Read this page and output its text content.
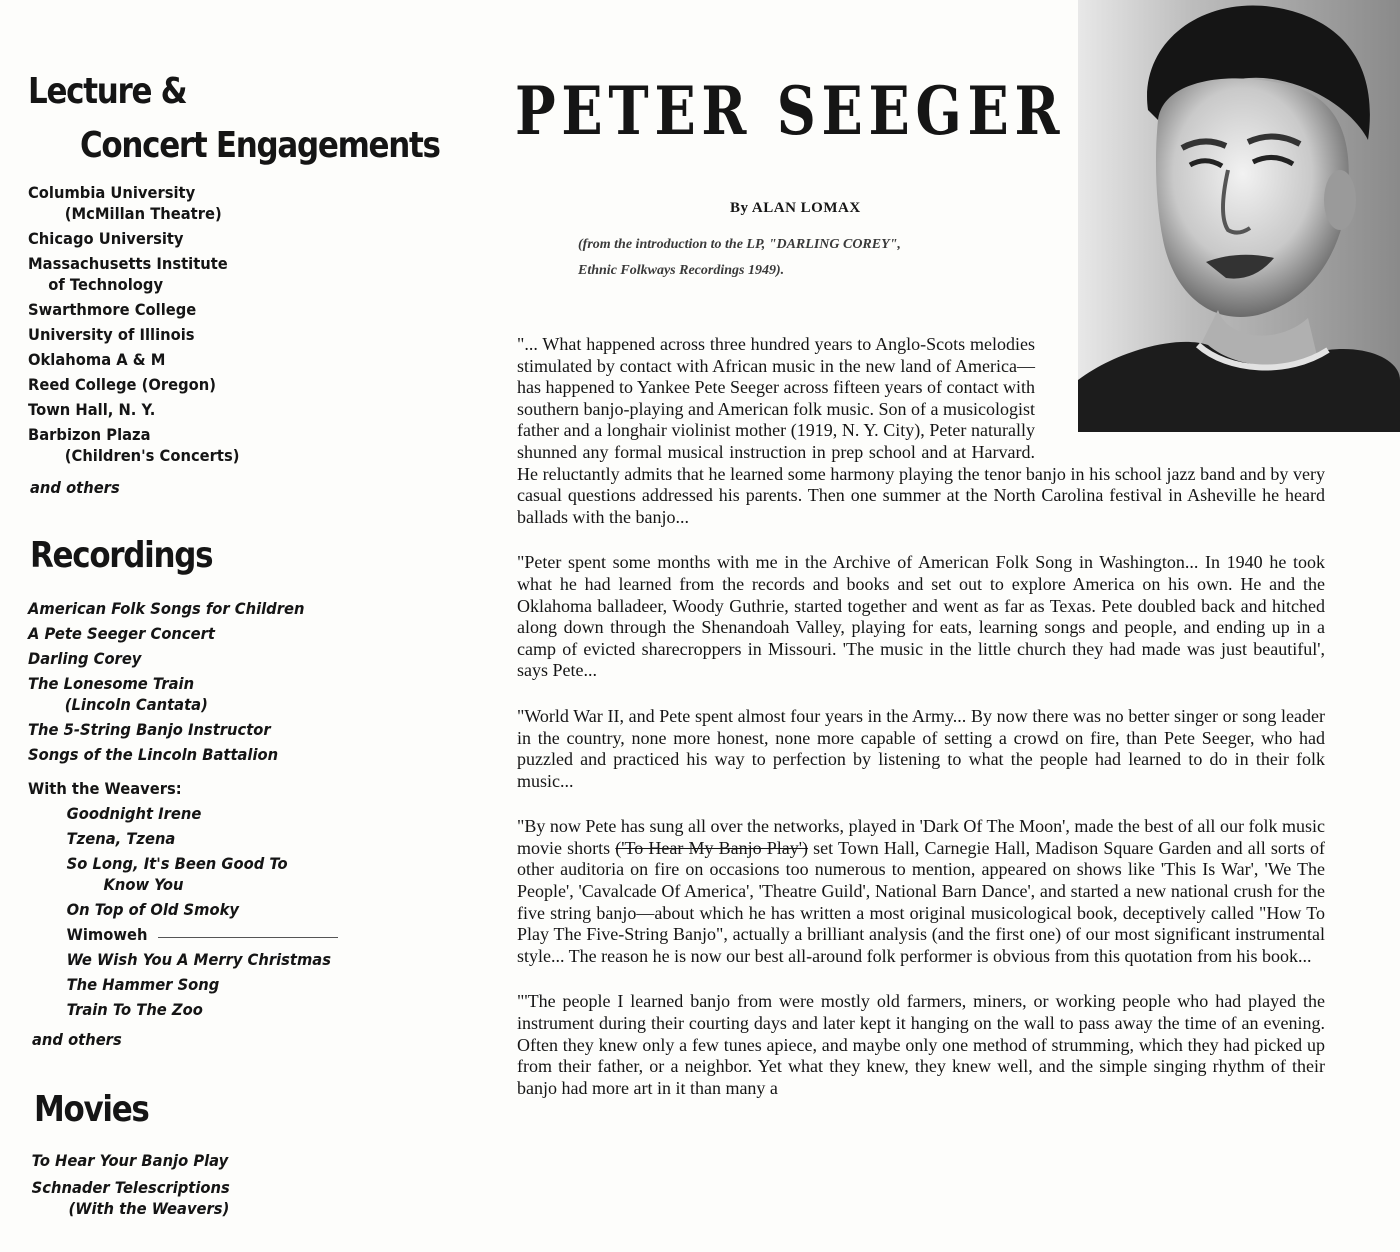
Lecture &
Concert Engagements
Columbia University
(McMillan Theatre)
Chicago University
Massachusetts Institute
of Technology
Swarthmore College
University of Illinois
Oklahoma A & M
Reed College (Oregon)
Town Hall, N. Y.
Barbizon Plaza
(Children's Concerts)
and others
Recordings
American Folk Songs for Children
A Pete Seeger Concert
Darling Corey
The Lonesome Train
(Lincoln Cantata)
The 5-String Banjo Instructor
Songs of the Lincoln Battalion
With the Weavers:
Goodnight Irene
Tzena, Tzena
So Long, It's Been Good To
Know You
On Top of Old Smoky
Wimoweh
We Wish You A Merry Christmas
The Hammer Song
Train To The Zoo
and others
Movies
To Hear Your Banjo Play
Schnader Telescriptions
(With the Weavers)
PETER SEEGER
By ALAN LOMAX
(from the introduction to the LP, "DARLING COREY",
Ethnic Folkways Recordings 1949).

"... What happened across three hundred years to Anglo-Scots melodies stimulated by contact with African music in the new land of America—has happened to Yankee Pete Seeger across fifteen years of contact with southern banjo-playing and American folk music. Son of a musicologist father and a longhair violinist mother (1919, N. Y. City), Peter naturally shunned any formal musical instruction in prep school and at Harvard. He reluctantly admits that he learned some harmony playing the tenor banjo in his school jazz band and by very casual questions addressed his parents. Then one summer at the North Carolina festival in Asheville he heard ballads with the banjo...

"Peter spent some months with me in the Archive of American Folk Song in Washington... In 1940 he took what he had learned from the records and books and set out to explore America on his own. He and the Oklahoma balladeer, Woody Guthrie, started together and went as far as Texas. Pete doubled back and hitched along down through the Shenandoah Valley, playing for eats, learning songs and people, and ending up in a camp of evicted sharecroppers in Missouri. 'The music in the little church they had made was just beautiful', says Pete...

"World War II, and Pete spent almost four years in the Army... By now there was no better singer or song leader in the country, none more honest, none more capable of setting a crowd on fire, than Pete Seeger, who had puzzled and practiced his way to perfection by listening to what the people had learned to do in their folk music...

"By now Pete has sung all over the networks, played in 'Dark Of The Moon', made the best of all our folk music movie shorts ('To Hear My Banjo Play') set Town Hall, Carnegie Hall, Madison Square Garden and all sorts of other auditoria on fire on occasions too numerous to mention, appeared on shows like 'This Is War', 'We The People', 'Cavalcade Of America', 'Theatre Guild', National Barn Dance', and started a new national crush for the five string banjo—about which he has written a most original musicological book, deceptively called "How To Play The Five-String Banjo", actually a brilliant analysis (and the first one) of our most significant instrumental style... The reason he is now our best all-around folk performer is obvious from this quotation from his book...

"'The people I learned banjo from were mostly old farmers, miners, or working people who had played the instrument during their courting days and later kept it hanging on the wall to pass away the time of an evening. Often they knew only a few tunes apiece, and maybe only one method of strumming, which they had picked up from their father, or a neighbor. Yet what they knew, they knew well, and the simple singing rhythm of their banjo had more art in it than many a
